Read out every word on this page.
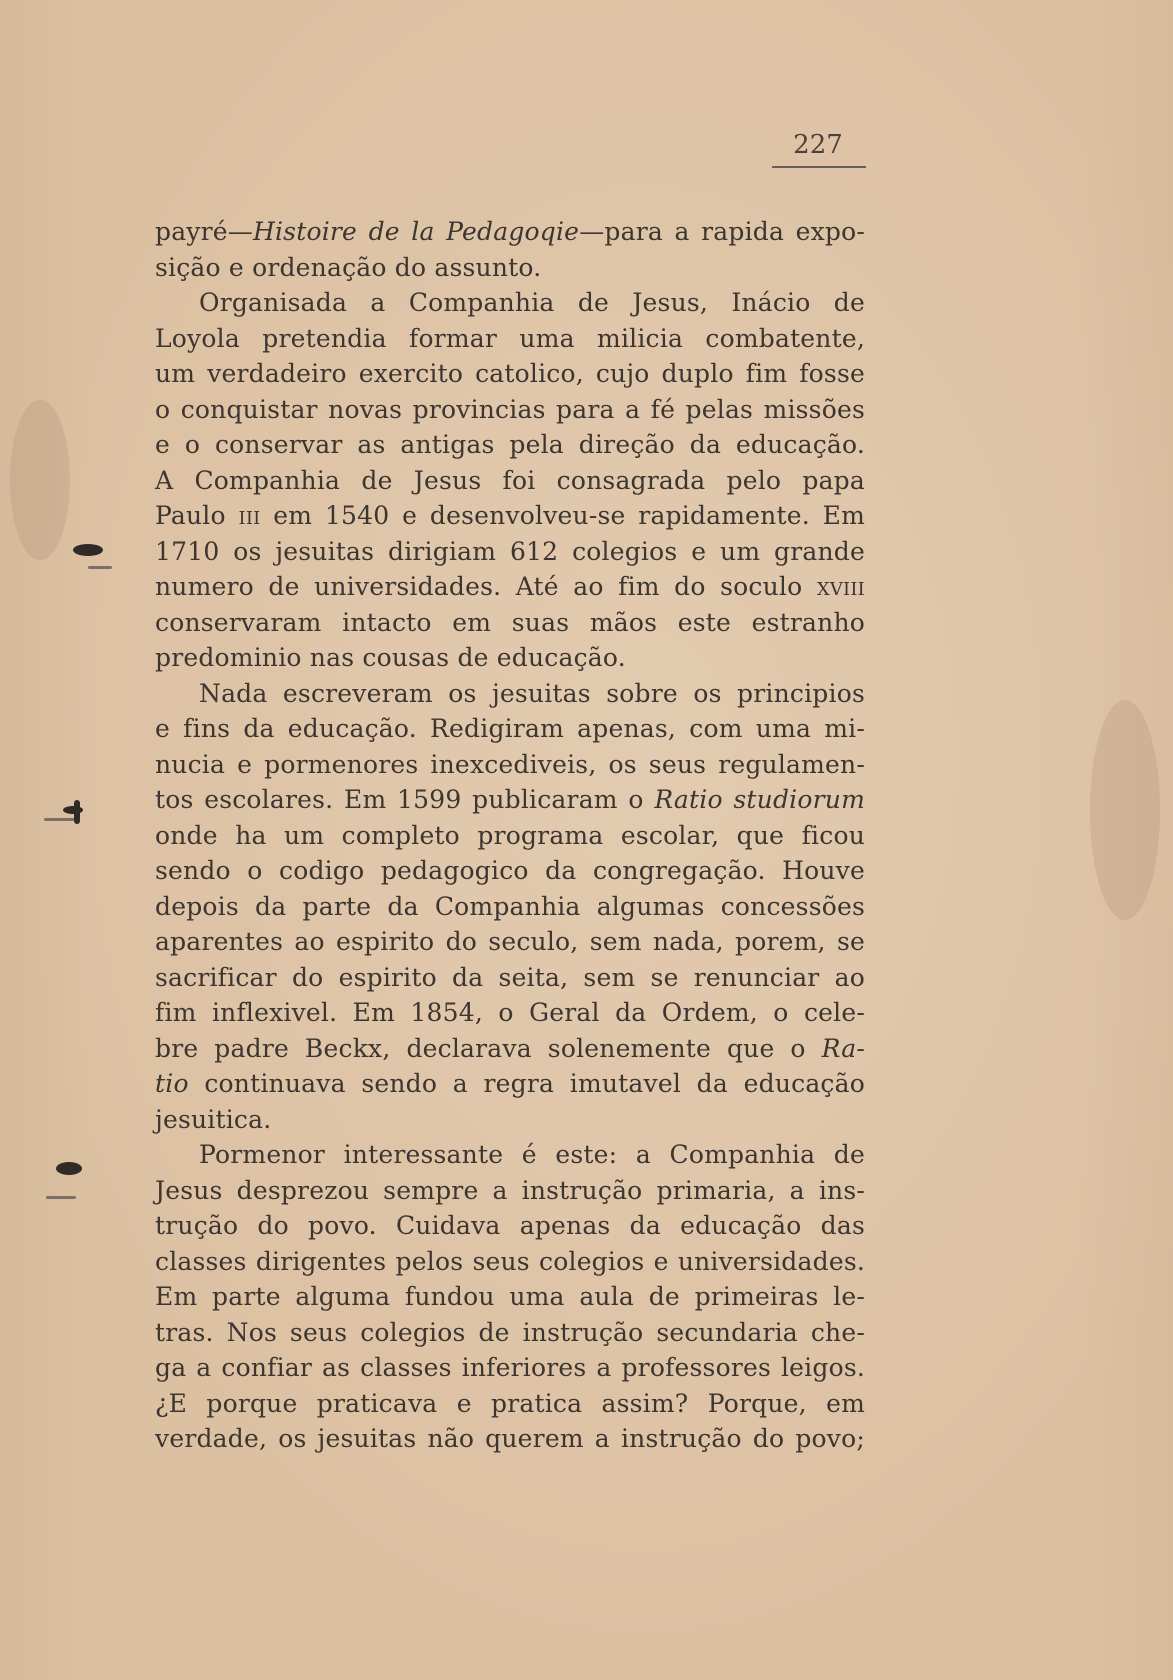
227
payré—Histoire de la Pedagoqie—para a rapida expo-
sição e ordenação do assunto.
Organisada a Companhia de Jesus, Inácio de
Loyola pretendia formar uma milicia combatente,
um verdadeiro exercito catolico, cujo duplo fim fosse
o conquistar novas provincias para a fé pelas missões
e o conservar as antigas pela direção da educação.
A Companhia de Jesus foi consagrada pelo papa
Paulo iii em 1540 e desenvolveu-se rapidamente. Em
1710 os jesuitas dirigiam 612 colegios e um grande
numero de universidades. Até ao fim do soculo xviii
conservaram intacto em suas mãos este estranho
predominio nas cousas de educação.
Nada escreveram os jesuitas sobre os principios
e fins da educação. Redigiram apenas, com uma mi-
nucia e pormenores inexcediveis, os seus regulamen-
tos escolares. Em 1599 publicaram o Ratio studiorum
onde ha um completo programa escolar, que ficou
sendo o codigo pedagogico da congregação. Houve
depois da parte da Companhia algumas concessões
aparentes ao espirito do seculo, sem nada, porem, se
sacrificar do espirito da seita, sem se renunciar ao
fim inflexivel. Em 1854, o Geral da Ordem, o cele-
bre padre Beckx, declarava solenemente que o Ra-
tio continuava sendo a regra imutavel da educação
jesuitica.
Pormenor interessante é este: a Companhia de
Jesus desprezou sempre a instrução primaria, a ins-
trução do povo. Cuidava apenas da educação das
classes dirigentes pelos seus colegios e universidades.
Em parte alguma fundou uma aula de primeiras le-
tras. Nos seus colegios de instrução secundaria che-
ga a confiar as classes inferiores a professores leigos.
¿E porque praticava e pratica assim? Porque, em
verdade, os jesuitas não querem a instrução do povo;
